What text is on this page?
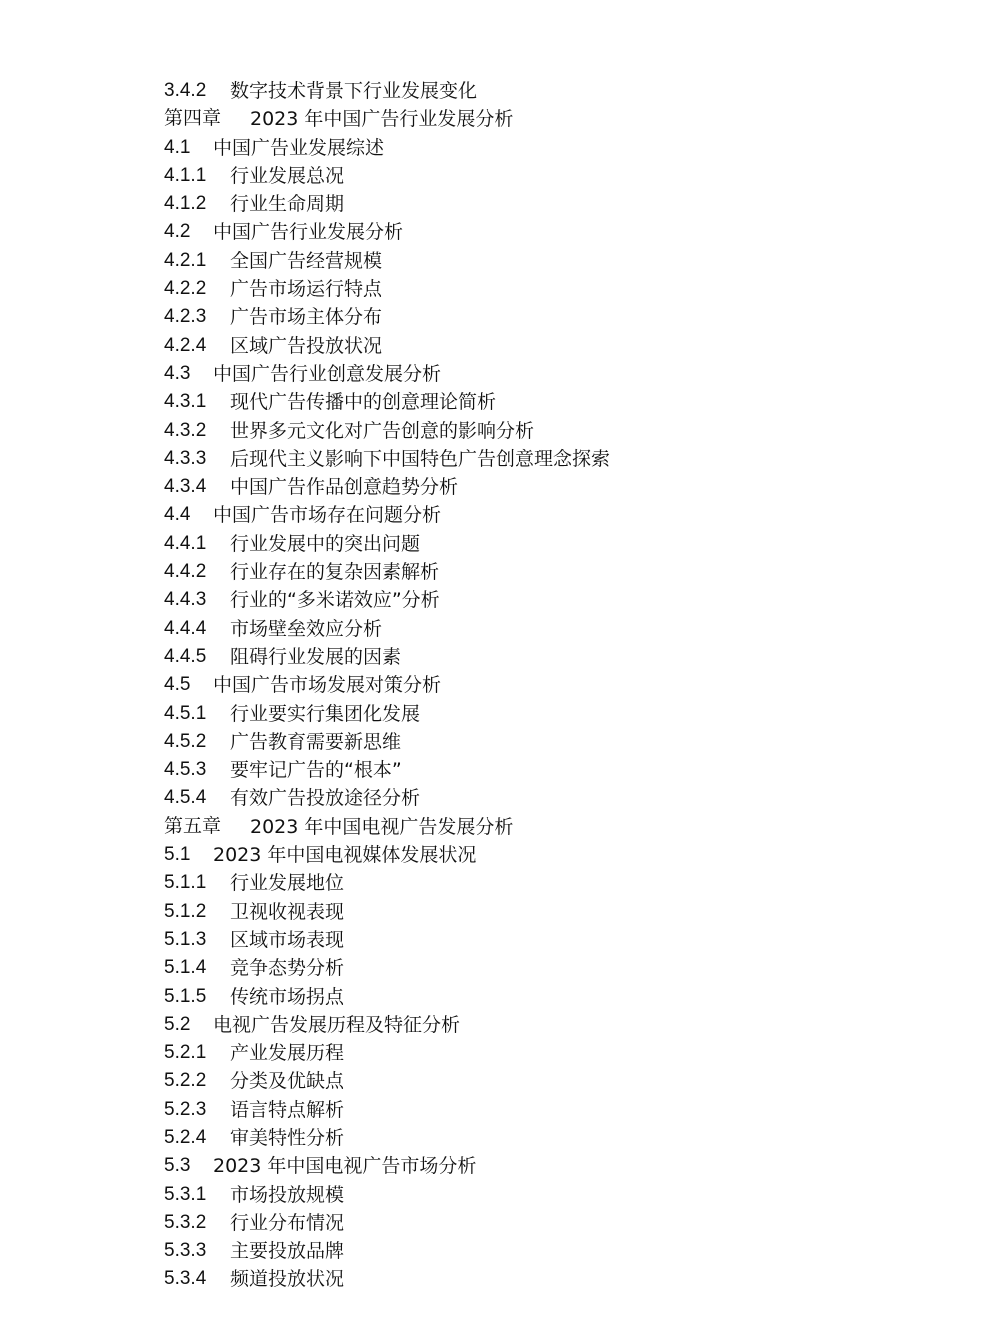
3.4.2	数字技术背景下行业发展变化
第四章	2023 年中国广告行业发展分析
4.1	中国广告业发展综述
4.1.1	行业发展总况
4.1.2	行业生命周期
4.2	中国广告行业发展分析
4.2.1	全国广告经营规模
4.2.2	广告市场运行特点
4.2.3	广告市场主体分布
4.2.4	区域广告投放状况
4.3	中国广告行业创意发展分析
4.3.1	现代广告传播中的创意理论简析
4.3.2	世界多元文化对广告创意的影响分析
4.3.3	后现代主义影响下中国特色广告创意理念探索
4.3.4	中国广告作品创意趋势分析
4.4	中国广告市场存在问题分析
4.4.1	行业发展中的突出问题
4.4.2	行业存在的复杂因素解析
4.4.3	行业的“多米诺效应”分析
4.4.4	市场壁垒效应分析
4.4.5	阻碍行业发展的因素
4.5	中国广告市场发展对策分析
4.5.1	行业要实行集团化发展
4.5.2	广告教育需要新思维
4.5.3	要牢记广告的“根本”
4.5.4	有效广告投放途径分析
第五章	2023 年中国电视广告发展分析
5.1	2023 年中国电视媒体发展状况
5.1.1	行业发展地位
5.1.2	卫视收视表现
5.1.3	区域市场表现
5.1.4	竞争态势分析
5.1.5	传统市场拐点
5.2	电视广告发展历程及特征分析
5.2.1	产业发展历程
5.2.2	分类及优缺点
5.2.3	语言特点解析
5.2.4	审美特性分析
5.3	2023 年中国电视广告市场分析
5.3.1	市场投放规模
5.3.2	行业分布情况
5.3.3	主要投放品牌
5.3.4	频道投放状况
